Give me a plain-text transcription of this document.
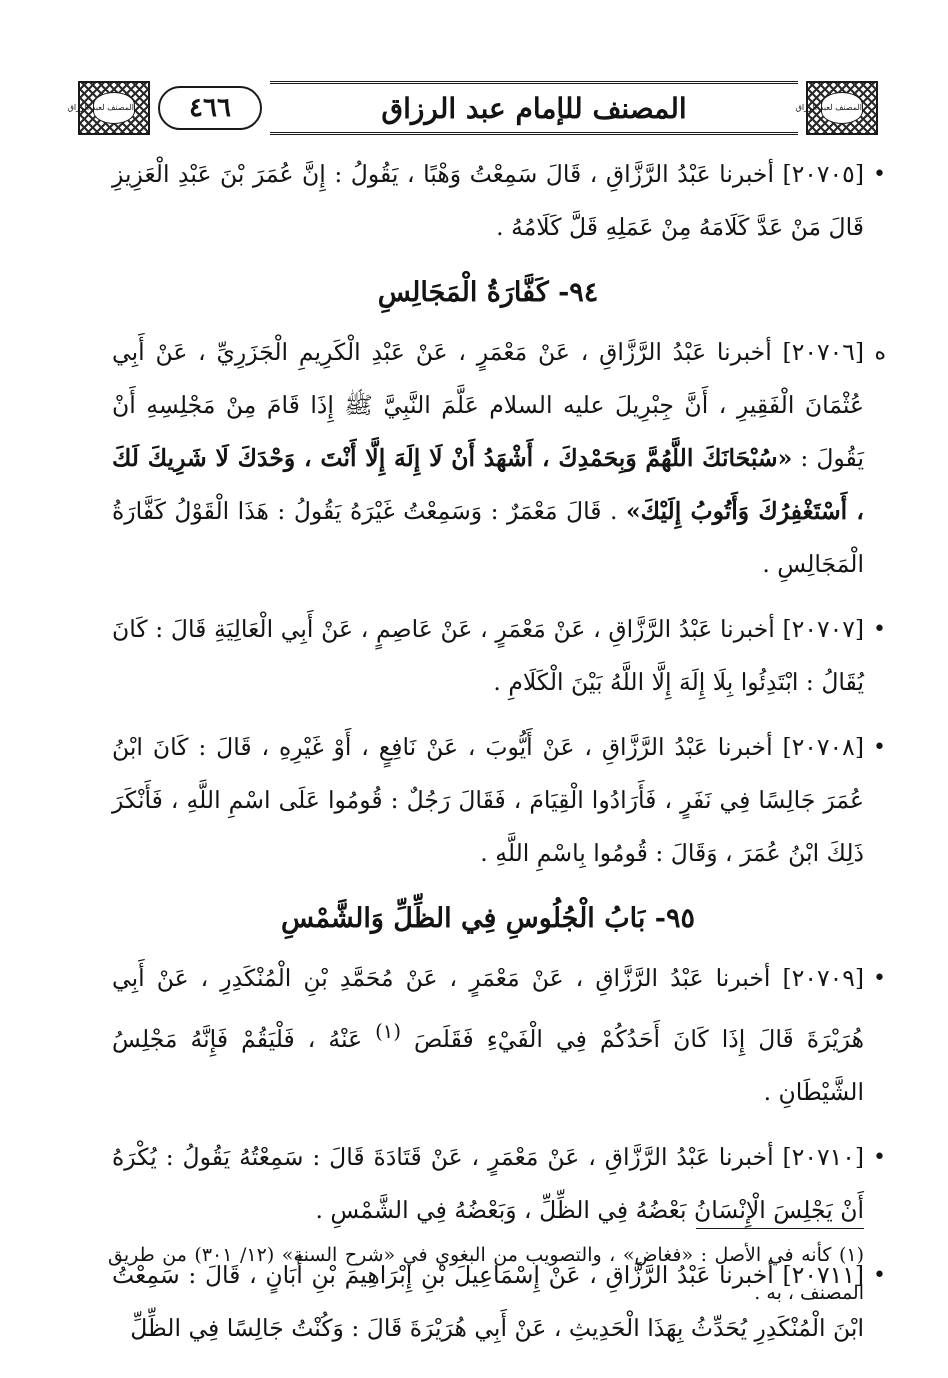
المصنف لعبد الرزاق	٤٦٦	المصنف للإمام عبد الرزاق	المصنف لعبد الرزاق

•
[٢٠٧٠٥] أخبرنا عَبْدُ الرَّزَّاقِ ، قَالَ سَمِعْتُ وَهْبًا ، يَقُولُ : إِنَّ عُمَرَ بْنَ عَبْدِ الْعَزِيزِ قَالَ مَنْ عَدَّ كَلَامَهُ مِنْ عَمَلِهِ قَلَّ كَلَامُهُ .

٩٤- كَفَّارَةُ الْمَجَالِسِ

ه
[٢٠٧٠٦] أخبرنا عَبْدُ الرَّزَّاقِ ، عَنْ مَعْمَرٍ ، عَنْ عَبْدِ الْكَرِيمِ الْجَزَرِيِّ ، عَنْ أَبِي عُثْمَانَ الْفَقِيرِ ، أَنَّ جِبْرِيلَ عليه السلام عَلَّمَ النَّبِيَّ ﷺ إِذَا قَامَ مِنْ مَجْلِسِهِ أَنْ يَقُولَ : «سُبْحَانَكَ اللَّهُمَّ وَبِحَمْدِكَ ، أَشْهَدُ أَنْ لَا إِلَهَ إِلَّا أَنْتَ ، وَحْدَكَ لَا شَرِيكَ لَكَ ، أَسْتَغْفِرُكَ وَأَتُوبُ إِلَيْكَ» . قَالَ مَعْمَرٌ : وَسَمِعْتُ غَيْرَهُ يَقُولُ : هَذَا الْقَوْلُ كَفَّارَةُ الْمَجَالِسِ .

•
[٢٠٧٠٧] أخبرنا عَبْدُ الرَّزَّاقِ ، عَنْ مَعْمَرٍ ، عَنْ عَاصِمٍ ، عَنْ أَبِي الْعَالِيَةِ قَالَ : كَانَ يُقَالُ : ابْتَدِئُوا بِلَا إِلَهَ إِلَّا اللَّهُ بَيْنَ الْكَلَامِ .

•
[٢٠٧٠٨] أخبرنا عَبْدُ الرَّزَّاقِ ، عَنْ أَيُّوبَ ، عَنْ نَافِعٍ ، أَوْ غَيْرِهِ ، قَالَ : كَانَ ابْنُ عُمَرَ جَالِسًا فِي نَفَرٍ ، فَأَرَادُوا الْقِيَامَ ، فَقَالَ رَجُلٌ : قُومُوا عَلَى اسْمِ اللَّهِ ، فَأَنْكَرَ ذَلِكَ ابْنُ عُمَرَ ، وَقَالَ : قُومُوا بِاسْمِ اللَّهِ .

٩٥- بَابُ الْجُلُوسِ فِي الظِّلِّ وَالشَّمْسِ

•
[٢٠٧٠٩] أخبرنا عَبْدُ الرَّزَّاقِ ، عَنْ مَعْمَرٍ ، عَنْ مُحَمَّدِ بْنِ الْمُنْكَدِرِ ، عَنْ أَبِي هُرَيْرَةَ قَالَ إِذَا كَانَ أَحَدُكُمْ فِي الْفَيْءِ فَقَلَصَ $^{(١)}$ عَنْهُ ، فَلْيَقُمْ فَإِنَّهُ مَجْلِسُ الشَّيْطَانِ .

•
[٢٠٧١٠] أخبرنا عَبْدُ الرَّزَّاقِ ، عَنْ مَعْمَرٍ ، عَنْ قَتَادَةَ قَالَ : سَمِعْتُهُ يَقُولُ : يُكْرَهُ أَنْ يَجْلِسَ الْإِنْسَانُ بَعْضُهُ فِي الظِّلِّ ، وَبَعْضُهُ فِي الشَّمْسِ .

•
[٢٠٧١١] أخبرنا عَبْدُ الرَّزَّاقِ ، عَنْ إِسْمَاعِيلَ بْنِ إِبْرَاهِيمَ بْنِ أَبَانٍ ، قَالَ : سَمِعْتُ ابْنَ الْمُنْكَدِرِ يُحَدِّثُ بِهَذَا الْحَدِيثِ ، عَنْ أَبِي هُرَيْرَةَ قَالَ : وَكُنْتُ جَالِسًا فِي الظِّلِّ

(١) كأنه في الأصل : «فغاض» ، والتصويب من البغوي في «شرح السنة» (١٢/ ٣٠١) من طريق المصنف ، به .
